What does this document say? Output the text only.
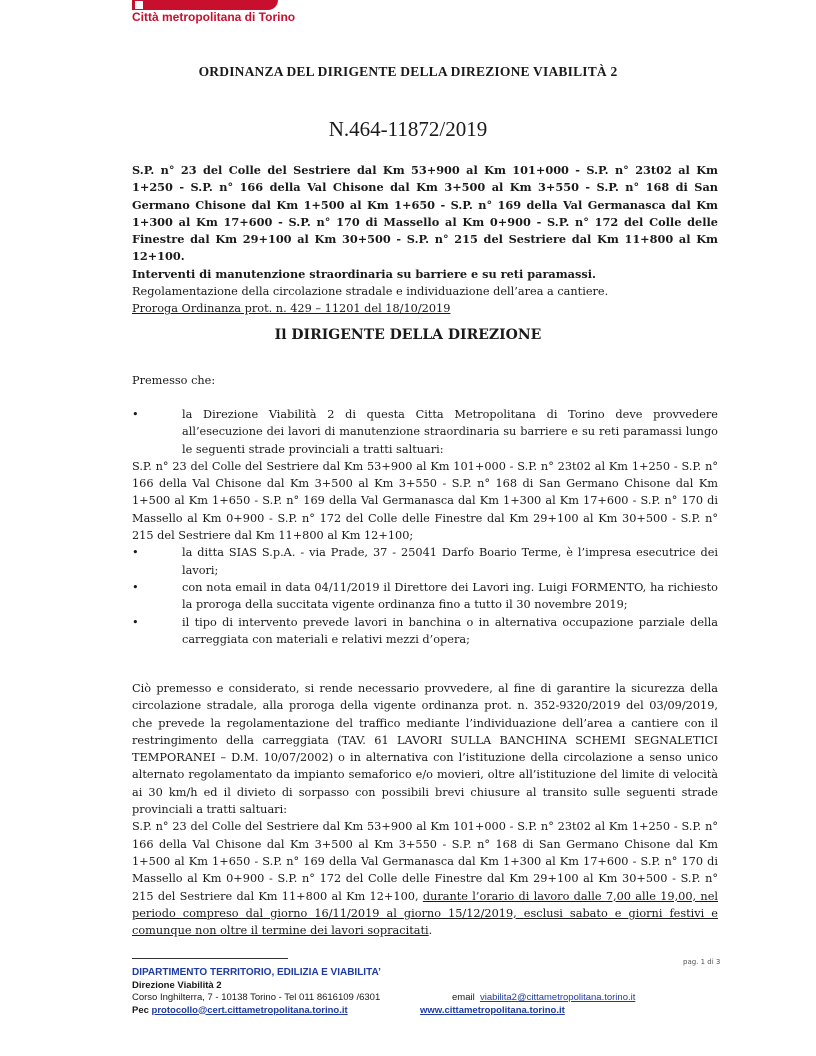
Città metropolitana di Torino
ORDINANZA DEL DIRIGENTE DELLA DIREZIONE VIABILITÀ 2
N.464-11872/2019

S.P. n° 23 del Colle del Sestriere dal Km 53+900 al Km 101+000 - S.P. n° 23t02 al Km 1+250 - S.P. n° 166 della Val Chisone dal Km 3+500 al Km 3+550 - S.P. n° 168 di San Germano Chisone dal Km 1+500 al Km 1+650 - S.P. n° 169 della Val Germanasca dal Km 1+300 al Km 17+600 - S.P. n° 170 di Massello al Km 0+900 - S.P. n° 172 del Colle delle Finestre dal Km 29+100 al Km 30+500 - S.P. n° 215 del Sestriere dal Km 11+800 al Km 12+100.

Interventi di manutenzione straordinaria su barriere e su reti paramassi.

Regolamentazione della circolazione stradale e individuazione dell’area a cantiere.

Proroga Ordinanza prot. n. 429 – 11201 del 18/10/2019

Il DIRIGENTE DELLA DIREZIONE
Premesso che:
•	la Direzione Viabilità 2 di questa Citta Metropolitana di Torino deve provvedere all’esecuzione dei lavori di manutenzione straordinaria su barriere e su reti paramassi lungo le seguenti strade provinciali a tratti saltuari:

S.P. n° 23 del Colle del Sestriere dal Km 53+900 al Km 101+000 - S.P. n° 23t02 al Km 1+250 - S.P. n° 166 della Val Chisone dal Km 3+500 al Km 3+550 - S.P. n° 168 di San Germano Chisone dal Km 1+500 al Km 1+650 - S.P. n° 169 della Val Germanasca dal Km 1+300 al Km 17+600 - S.P. n° 170 di Massello al Km 0+900 - S.P. n° 172 del Colle delle Finestre dal Km 29+100 al Km 30+500 - S.P. n° 215 del Sestriere dal Km 11+800 al Km 12+100;

•	la ditta SIAS S.p.A. - via Prade, 37 - 25041 Darfo Boario Terme, è l’impresa esecutrice dei lavori;
•	con nota email in data 04/11/2019 il Direttore dei Lavori ing. Luigi FORMENTO, ha richiesto la proroga della succitata vigente ordinanza fino a tutto il 30 novembre 2019;
•	il tipo di intervento prevede lavori in banchina o in alternativa occupazione parziale della carreggiata con materiali e relativi mezzi d’opera;

Ciò premesso e considerato, si rende necessario provvedere, al fine di garantire la sicurezza della circolazione stradale, alla proroga della vigente ordinanza prot. n. 352-9320/2019 del 03/09/2019, che prevede la regolamentazione del traffico mediante l’individuazione dell’area a cantiere con il restringimento della carreggiata (TAV. 61 LAVORI SULLA BANCHINA SCHEMI SEGNALETICI TEMPORANEI – D.M. 10/07/2002) o in alternativa con l’istituzione della circolazione a senso unico alternato regolamentato da impianto semaforico e/o movieri, oltre all’istituzione del limite di velocità ai 30 km/h ed il divieto di sorpasso con possibili brevi chiusure al transito sulle seguenti strade provinciali a tratti saltuari:

S.P. n° 23 del Colle del Sestriere dal Km 53+900 al Km 101+000 - S.P. n° 23t02 al Km 1+250 - S.P. n° 166 della Val Chisone dal Km 3+500 al Km 3+550 - S.P. n° 168 di San Germano Chisone dal Km 1+500 al Km 1+650 - S.P. n° 169 della Val Germanasca dal Km 1+300 al Km 17+600 - S.P. n° 170 di Massello al Km 0+900 - S.P. n° 172 del Colle delle Finestre dal Km 29+100 al Km 30+500 - S.P. n° 215 del Sestriere dal Km 11+800 al Km 12+100, durante l’orario di lavoro dalle 7,00 alle 19,00, nel periodo compreso dal giorno 16/11/2019 al giorno 15/12/2019, esclusi sabato e giorni festivi e comunque non oltre il termine dei lavori sopracitati.

pag. 1 di 3
DIPARTIMENTO TERRITORIO, EDILIZIA E VIABILITA’
Direzione Viabilità 2
Corso Inghilterra, 7 - 10138 Torino - Tel 011 8616109 /6301	email viabilita2@cittametropolitana.torino.it
Pec protocollo@cert.cittametropolitana.torino.it	www.cittametropolitana.torino.it
